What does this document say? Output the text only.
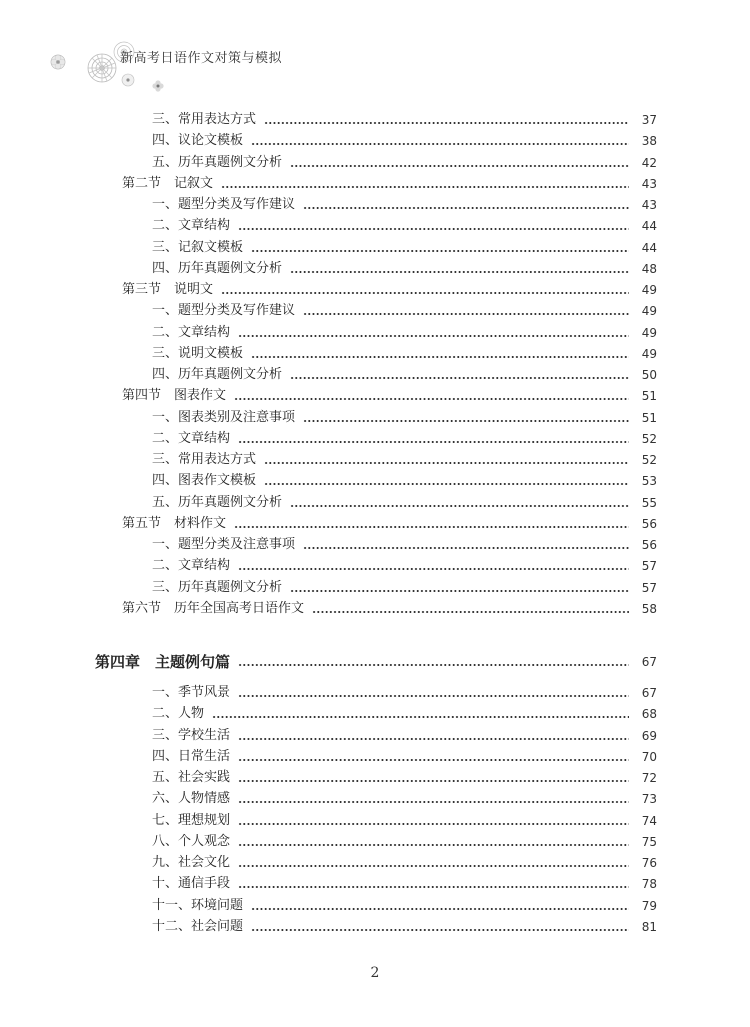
新高考日语作文对策与模拟
三、常用表达方式	37
四、议论文模板	38
五、历年真题例文分析	42
第二节　记叙文	43
一、题型分类及写作建议	43
二、文章结构	44
三、记叙文模板	44
四、历年真题例文分析	48
第三节　说明文	49
一、题型分类及写作建议	49
二、文章结构	49
三、说明文模板	49
四、历年真题例文分析	50
第四节　图表作文	51
一、图表类别及注意事项	51
二、文章结构	52
三、常用表达方式	52
四、图表作文模板	53
五、历年真题例文分析	55
第五节　材料作文	56
一、题型分类及注意事项	56
二、文章结构	57
三、历年真题例文分析	57
第六节　历年全国高考日语作文	58
第四章　主题例句篇	67
一、季节风景	67
二、人物	68
三、学校生活	69
四、日常生活	70
五、社会实践	72
六、人物情感	73
七、理想规划	74
八、个人观念	75
九、社会文化	76
十、通信手段	78
十一、环境问题	79
十二、社会问题	81
2
